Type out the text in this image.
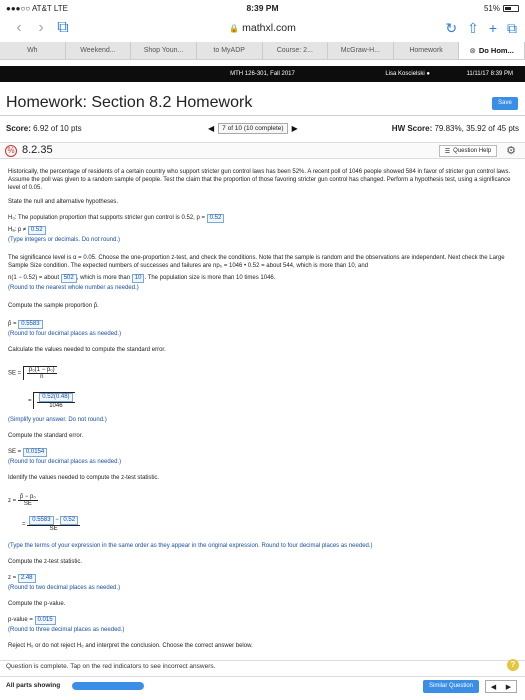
●●●○○ AT&T LTE	8:39 PM	51%
‹	› ⧉	🔒 mathxl.com	↻ ⇧ + ⧉
Wh	Weekend...	Shop Youn...	to MyADP	Course: 2...	McGraw-H...	Homework	⊗ Do Hom...
MTH 126-301, Fall 2017	Lisa Koscielski ●	11/11/17 8:39 PM
Homework: Section 8.2 Homework	Save
Score: 6.92 of 10 pts	◀	7 of 10 (10 complete)	▶	HW Score: 79.83%, 35.92 of 45 pts
% 8.2.35	☰ Question Help ⚙
Historically, the percentage of residents of a certain country who support stricter gun control laws has been 52%. A recent poll of 1046 people showed 584 in favor of stricter gun control laws. Assume the poll was given to a random sample of people. Test the claim that the proportion of those favoring stricter gun control has changed. Perform a hypothesis test, using a significance level of 0.05.
State the null and alternative hypotheses.
H₀: The population proportion that supports stricter gun control is 0.52, p = 0.52
Hₐ: p ≠ 0.52
(Type integers or decimals. Do not round.)
The significance level is α = 0.05. Choose the one-proportion z-test, and check the conditions. Note that the sample is random and the observations are independent. Next check the Large Sample Size condition. The expected numbers of successes and failures are np₀ = 1046 • 0.52 = about 544, which is more than 10, and
n(1 − 0.52) = about 502 , which is more than 10 . The population size is more than 10 times 1046.
(Round to the nearest whole number as needed.)
Compute the sample proportion p̂.
p̂ = 0.5583
(Round to four decimal places as needed.)
Calculate the values needed to compute the standard error.
SE = $\frac{\text{p₀(1 − p₀)}}{n}$
= $\frac{0.52(0.48)}{1046}$
(Simplify your answer. Do not round.)
Compute the standard error.
SE = 0.0154
(Round to four decimal places as needed.)
Identify the values needed to compute the z-test statistic.
$z = \frac{\text{p̂ − p₀}}{SE}$
= $\frac{0.5583 - 0.52}{SE}$
(Type the terms of your expression in the same order as they appear in the original expression. Round to four decimal places as needed.)
Compute the z-test statistic.
z = 2.48
(Round to two decimal places as needed.)
Compute the p-value.
p-value = 0.015
(Round to three decimal places as needed.)
Reject H₀ or do not reject H₀ and interpret the conclusion. Choose the correct answer below.
Question is complete. Tap on the red indicators to see incorrect answers.	?
All parts showing	Similar Question	◀ ▶
